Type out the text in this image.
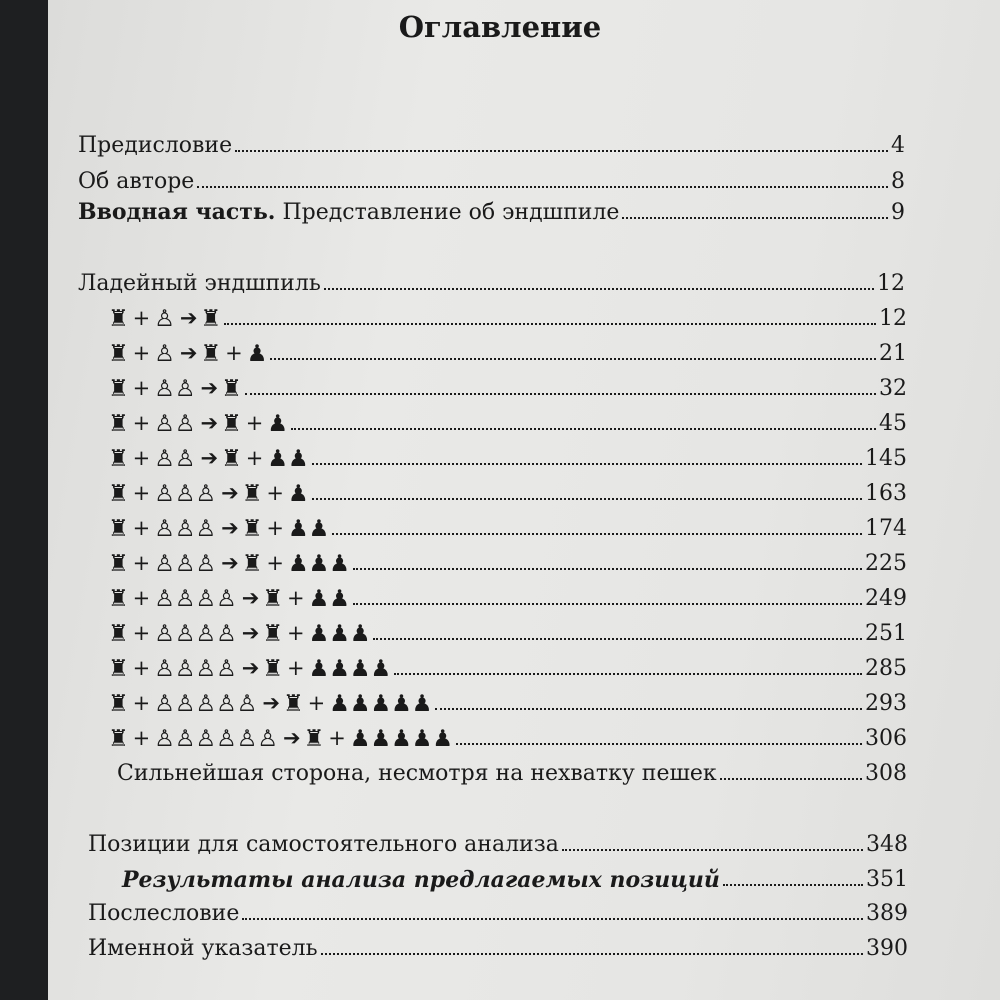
Оглавление
Предисловие	4
Об авторе	8
Вводная часть. Представление об эндшпиле	9
Ладейный эндшпиль	12
♜ + ♙ ➔ ♜	12
♜ + ♙ ➔ ♜ + ♟	21
♜ + ♙♙ ➔ ♜	32
♜ + ♙♙ ➔ ♜ + ♟	45
♜ + ♙♙ ➔ ♜ + ♟♟	145
♜ + ♙♙♙ ➔ ♜ + ♟	163
♜ + ♙♙♙ ➔ ♜ + ♟♟	174
♜ + ♙♙♙ ➔ ♜ + ♟♟♟	225
♜ + ♙♙♙♙ ➔ ♜ + ♟♟	249
♜ + ♙♙♙♙ ➔ ♜ + ♟♟♟	251
♜ + ♙♙♙♙ ➔ ♜ + ♟♟♟♟	285
♜ + ♙♙♙♙♙ ➔ ♜ + ♟♟♟♟♟	293
♜ + ♙♙♙♙♙♙ ➔ ♜ + ♟♟♟♟♟	306
Сильнейшая сторона, несмотря на нехватку пешек	308
Позиции для самостоятельного анализа	348
Результаты анализа предлагаемых позиций	351
Послесловие	389
Именной указатель	390
